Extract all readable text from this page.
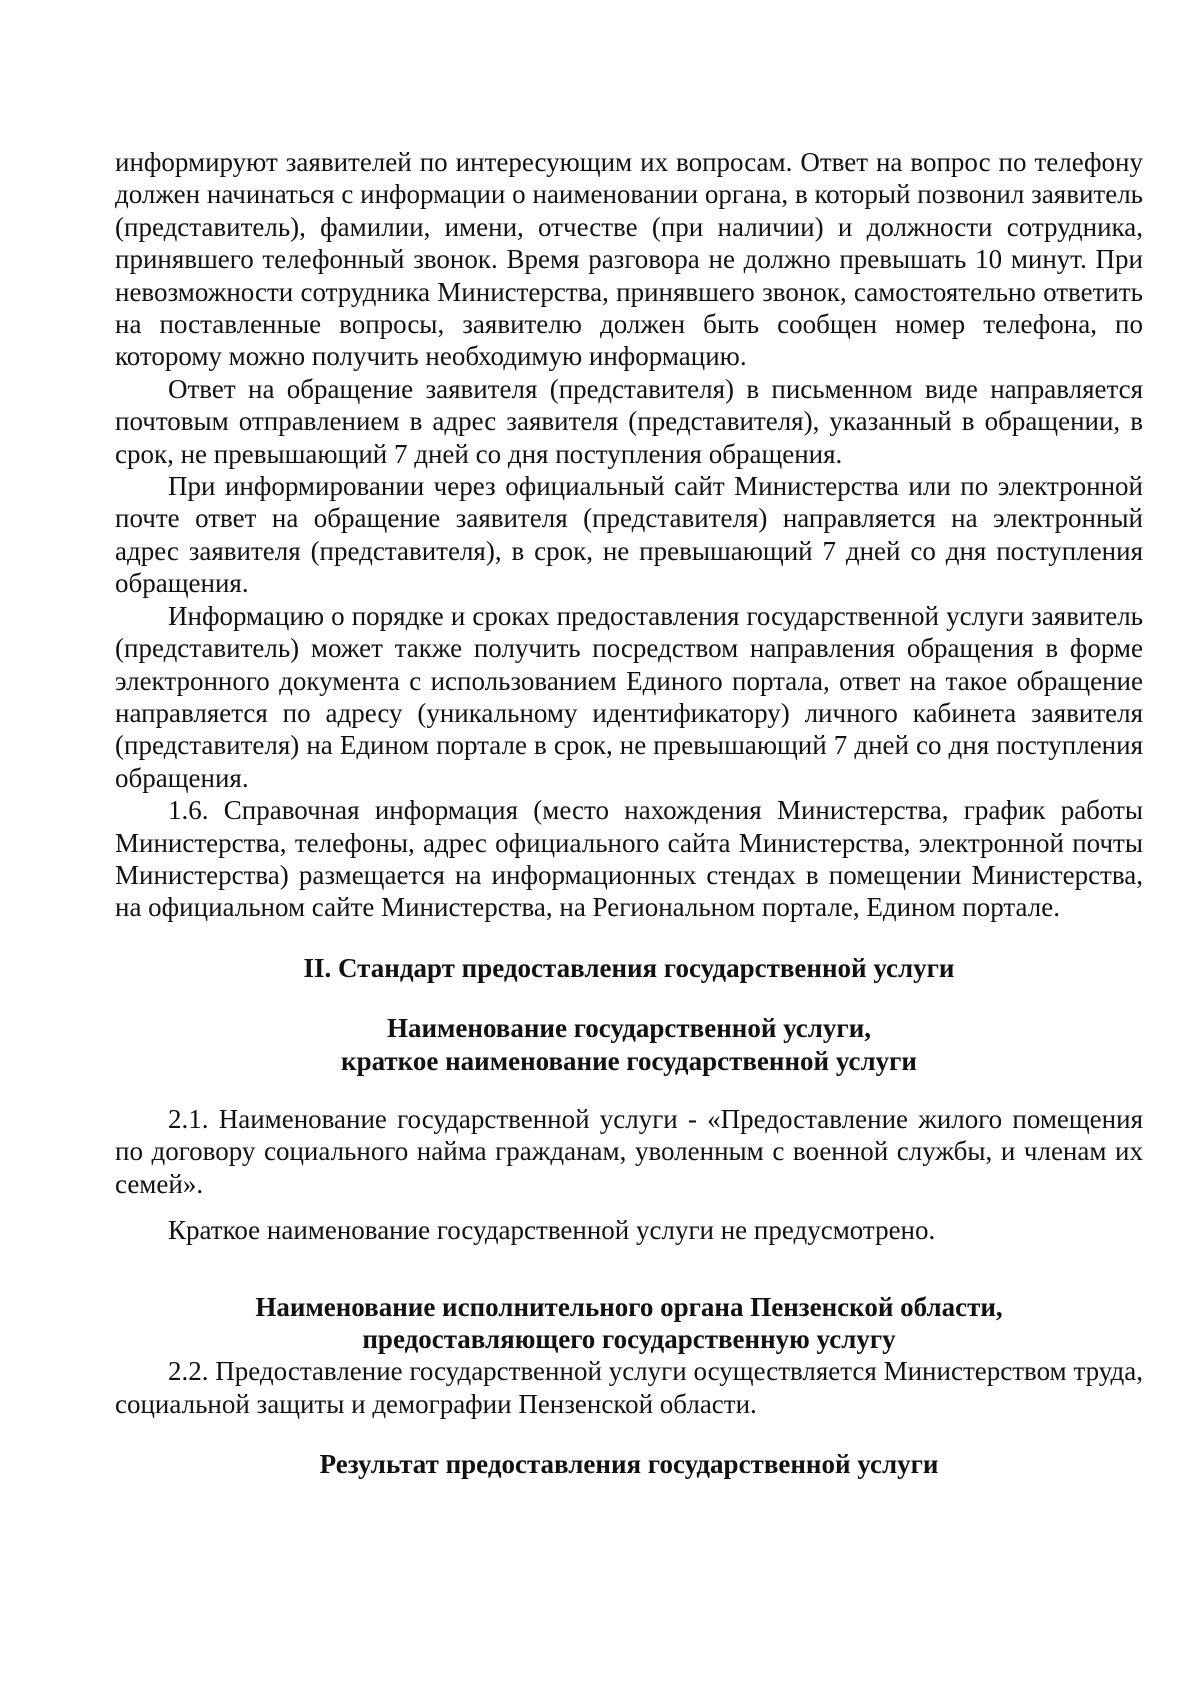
информируют заявителей по интересующим их вопросам. Ответ на вопрос по телефону должен начинаться с информации о наименовании органа, в который позвонил заявитель (представитель), фамилии, имени, отчестве (при наличии) и должности сотрудника, принявшего телефонный звонок. Время разговора не должно превышать 10 минут. При невозможности сотрудника Министерства, принявшего звонок, самостоятельно ответить на поставленные вопросы, заявителю должен быть сообщен номер телефона, по которому можно получить необходимую информацию.

Ответ на обращение заявителя (представителя) в письменном виде направляется почтовым отправлением в адрес заявителя (представителя), указанный в обращении, в срок, не превышающий 7 дней со дня поступления обращения.

При информировании через официальный сайт Министерства или по электронной почте ответ на обращение заявителя (представителя) направляется на электронный адрес заявителя (представителя), в срок, не превышающий 7 дней со дня поступления обращения.

Информацию о порядке и сроках предоставления государственной услуги заявитель (представитель) может также получить посредством направления обращения в форме электронного документа с использованием Единого портала, ответ на такое обращение направляется по адресу (уникальному идентификатору) личного кабинета заявителя (представителя) на Едином портале в срок, не превышающий 7 дней со дня поступления обращения.

1.6. Справочная информация (место нахождения Министерства, график работы Министерства, телефоны, адрес официального сайта Министерства, электронной почты Министерства) размещается на информационных стендах в помещении Министерства, на официальном сайте Министерства, на Региональном портале, Едином портале.

II. Стандарт предоставления государственной услуги
Наименование государственной услуги,
краткое наименование государственной услуги

2.1. Наименование государственной услуги - «Предоставление жилого помещения по договору социального найма гражданам, уволенным с военной службы, и членам их семей».

Краткое наименование государственной услуги не предусмотрено.

Наименование исполнительного органа Пензенской области,
предоставляющего государственную услугу

2.2. Предоставление государственной услуги осуществляется Министерством труда, социальной защиты и демографии Пензенской области.

Результат предоставления государственной услуги
